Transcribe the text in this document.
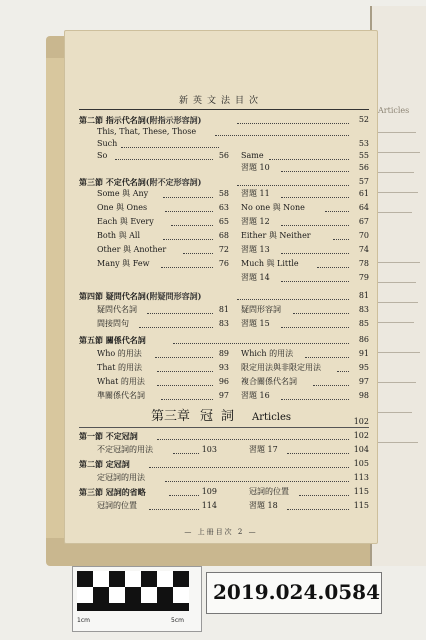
Articles
新英文法目次
第二節 指示代名詞(附指示形容詞)	52
This, That, These, Those
Such	53
Same	55
So	56
習題 10	56
第三節 不定代名詞(附不定形容詞)	57
Some 與 Any	58 習題 11	61
One 與 Ones	63 No one 與 None	64
Each 與 Every	65 習題 12	67
Both 與 All	68 Either 與 Neither	70
Other 與 Another	72 習題 13	74
Many 與 Few	76 Much 與 Little	78
習題 14	79
第四節 疑問代名詞(附疑問形容詞)	81
疑問代名詞	81 疑問形容詞	83
間接問句	83 習題 15	85
第五節 關係代名詞	86
Who 的用法	89 Which 的用法	91
That 的用法	93 限定用法與非限定用法	95
What 的用法	96 複合關係代名詞	97
準關係代名詞	97 習題 16	98
第三章 冠詞 Articles	102
第一節 不定冠詞	102
不定冠詞的用法	103	習題 17	104
第二節 定冠詞	105
定冠詞的用法	113
第三節 冠詞的省略	109	冠詞的位置	115
冠詞的位置	114	習題 18	115
— 上冊目次 2 —
1cm	5cm
2019.024.0584
